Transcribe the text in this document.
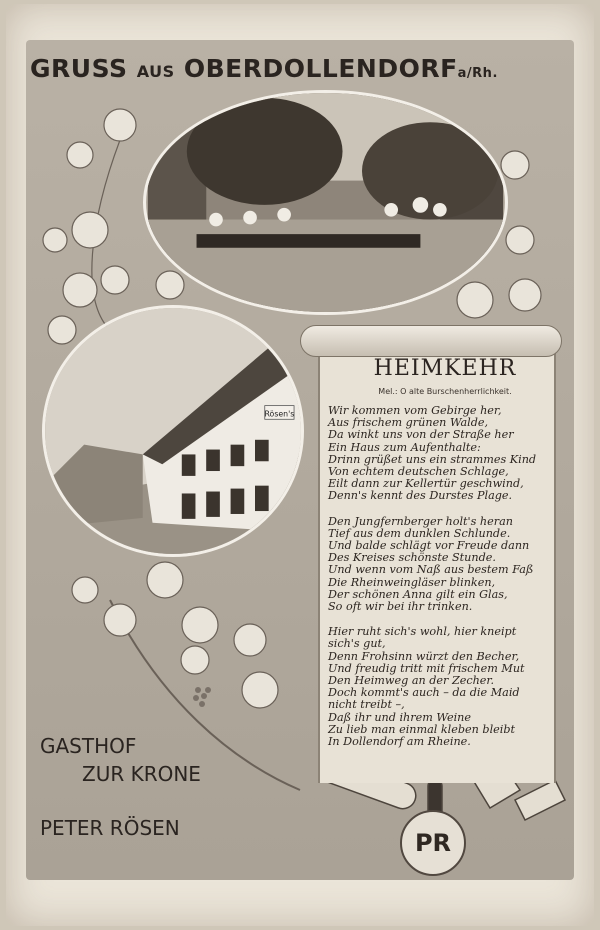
Rösen's
GRUSS AUS OBERDOLLENDORFa/Rh.
HEIMKEHR
Mel.: O alte Burschenherrlichkeit.
Wir kommen vom Gebirge her,
Aus frischem grünen Walde,
Da winkt uns von der Straße her
Ein Haus zum Aufenthalte:
Drinn grüßet uns ein strammes Kind
Von echtem deutschen Schlage,
Eilt dann zur Kellertür geschwind,
Denn's kennt des Durstes Plage.
Den Jungfernberger holt's heran
Tief aus dem dunklen Schlunde.
Und balde schlägt vor Freude dann
Des Kreises schönste Stunde.
Und wenn vom Naß aus bestem Faß
Die Rheinweingläser blinken,
Der schönen Anna gilt ein Glas,
So oft wir bei ihr trinken.
Hier ruht sich's wohl, hier kneipt
sich's gut,
Denn Frohsinn würzt den Becher,
Und freudig tritt mit frischem Mut
Den Heimweg an der Zecher.
Doch kommt's auch – da die Maid
nicht treibt –,
Daß ihr und ihrem Weine
Zu lieb man einmal kleben bleibt
In Dollendorf am Rheine.
GASTHOF
ZUR KRONE
PETER RÖSEN
PR
